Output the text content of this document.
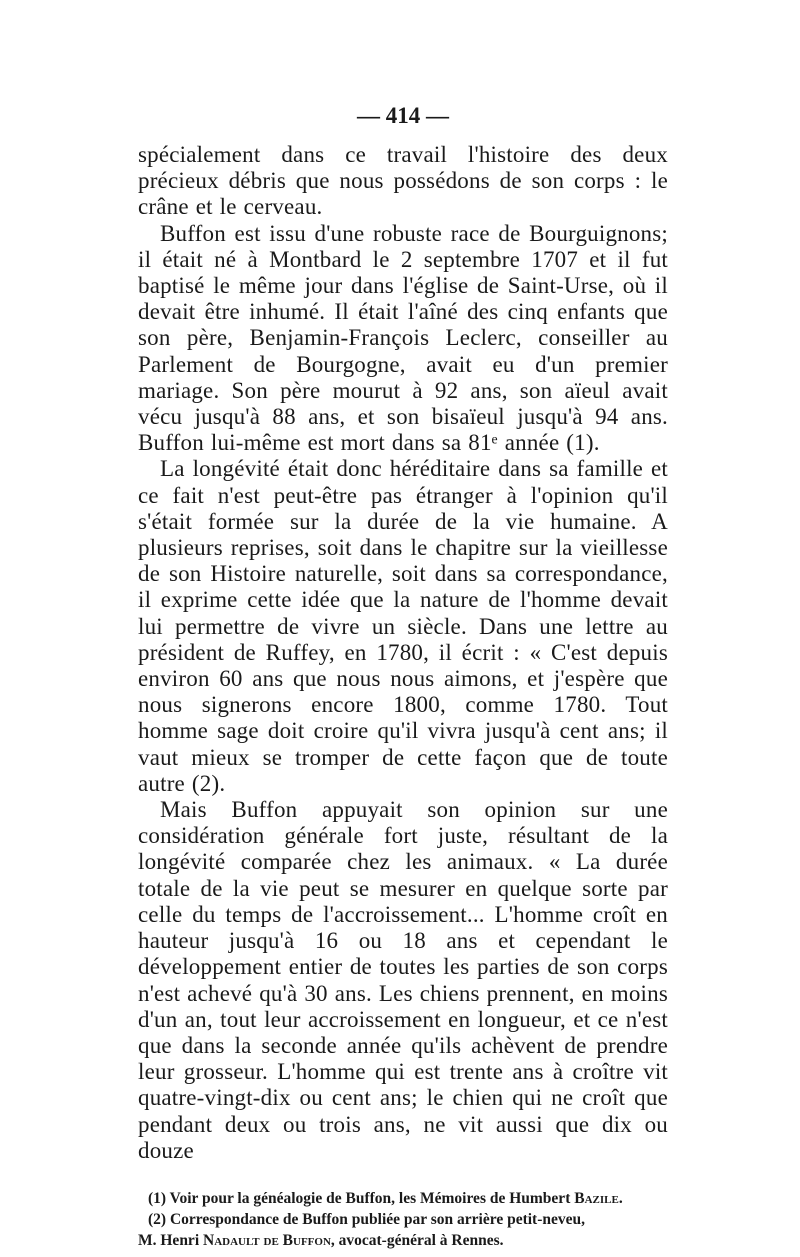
— 414 —

spécialement dans ce travail l'histoire des deux précieux débris que nous possédons de son corps : le crâne et le cerveau.

Buffon est issu d'une robuste race de Bourguignons; il était né à Montbard le 2 septembre 1707 et il fut baptisé le même jour dans l'église de Saint-Urse, où il devait être inhumé. Il était l'aîné des cinq enfants que son père, Benjamin-François Leclerc, conseiller au Parlement de Bourgogne, avait eu d'un premier mariage. Son père mourut à 92 ans, son aïeul avait vécu jusqu'à 88 ans, et son bisaïeul jusqu'à 94 ans. Buffon lui-même est mort dans sa 81ᵉ année (1).

La longévité était donc héréditaire dans sa famille et ce fait n'est peut-être pas étranger à l'opinion qu'il s'était formée sur la durée de la vie humaine. A plusieurs reprises, soit dans le chapitre sur la vieillesse de son Histoire naturelle, soit dans sa correspondance, il exprime cette idée que la nature de l'homme devait lui permettre de vivre un siècle. Dans une lettre au président de Ruffey, en 1780, il écrit : « C'est depuis environ 60 ans que nous nous aimons, et j'espère que nous signerons encore 1800, comme 1780. Tout homme sage doit croire qu'il vivra jusqu'à cent ans; il vaut mieux se tromper de cette façon que de toute autre (2).

Mais Buffon appuyait son opinion sur une considération générale fort juste, résultant de la longévité comparée chez les animaux. « La durée totale de la vie peut se mesurer en quelque sorte par celle du temps de l'accroissement... L'homme croît en hauteur jusqu'à 16 ou 18 ans et cependant le développement entier de toutes les parties de son corps n'est achevé qu'à 30 ans. Les chiens prennent, en moins d'un an, tout leur accroissement en longueur, et ce n'est que dans la seconde année qu'ils achèvent de prendre leur grosseur. L'homme qui est trente ans à croître vit quatre-vingt-dix ou cent ans; le chien qui ne croît que pendant deux ou trois ans, ne vit aussi que dix ou douze

(1) Voir pour la généalogie de Buffon, les Mémoires de Humbert Bazile.

(2) Correspondance de Buffon publiée par son arrière petit-neveu,

M. Henri Nadault de Buffon, avocat-général à Rennes.
